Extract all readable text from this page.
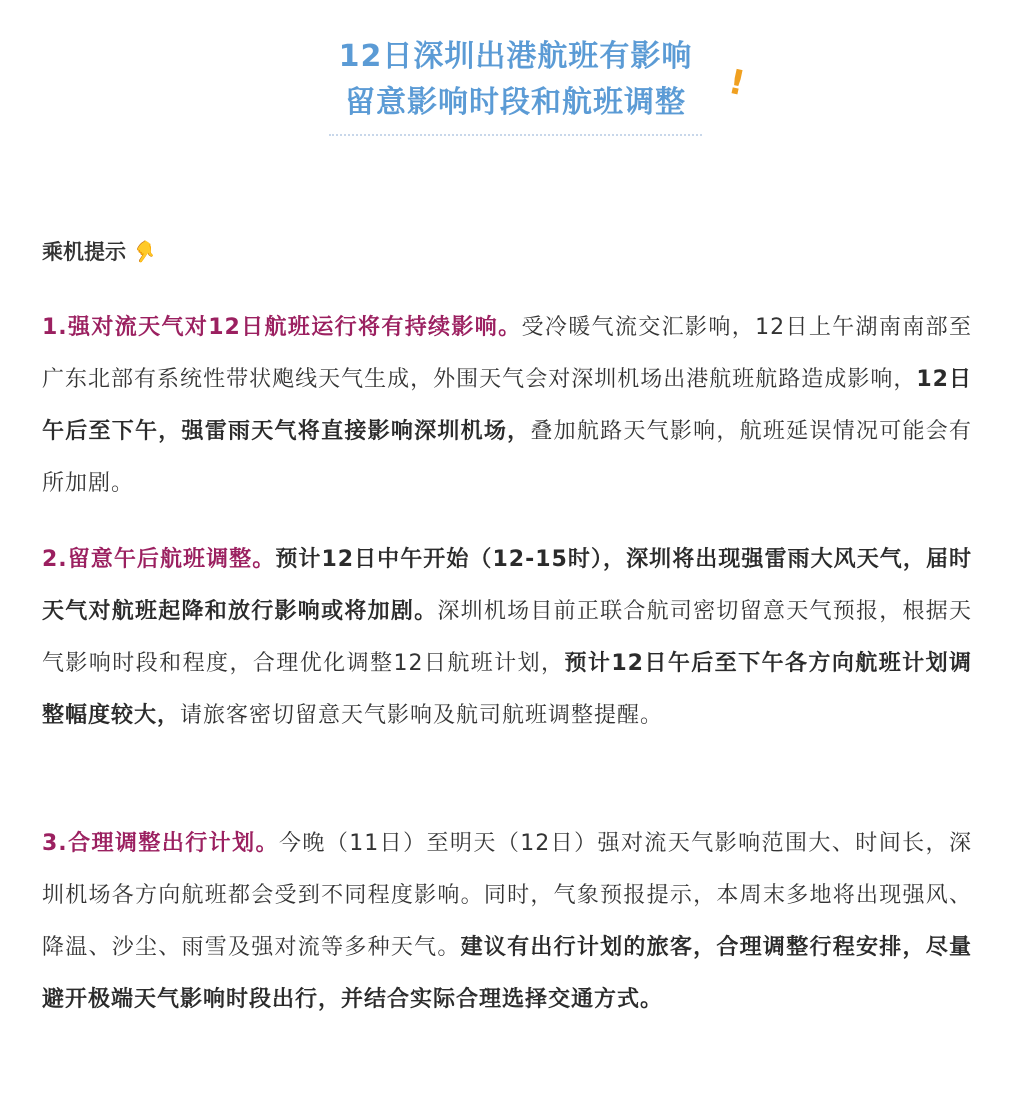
12日深圳出港航班有影响
留意影响时段和航班调整 !
乘机提示👇
1.强对流天气对12日航班运行将有持续影响。受冷暖气流交汇影响，12日上午湖南南部至广东北部有系统性带状飑线天气生成，外围天气会对深圳机场出港航班航路造成影响，12日午后至下午，强雷雨天气将直接影响深圳机场，叠加航路天气影响，航班延误情况可能会有所加剧。
2.留意午后航班调整。预计12日中午开始（12-15时），深圳将出现强雷雨大风天气，届时天气对航班起降和放行影响或将加剧。深圳机场目前正联合航司密切留意天气预报，根据天气影响时段和程度，合理优化调整12日航班计划，预计12日午后至下午各方向航班计划调整幅度较大，请旅客密切留意天气影响及航司航班调整提醒。
3.合理调整出行计划。今晚（11日）至明天（12日）强对流天气影响范围大、时间长，深圳机场各方向航班都会受到不同程度影响。同时，气象预报提示，本周末多地将出现强风、降温、沙尘、雨雪及强对流等多种天气。建议有出行计划的旅客，合理调整行程安排，尽量避开极端天气影响时段出行，并结合实际合理选择交通方式。
